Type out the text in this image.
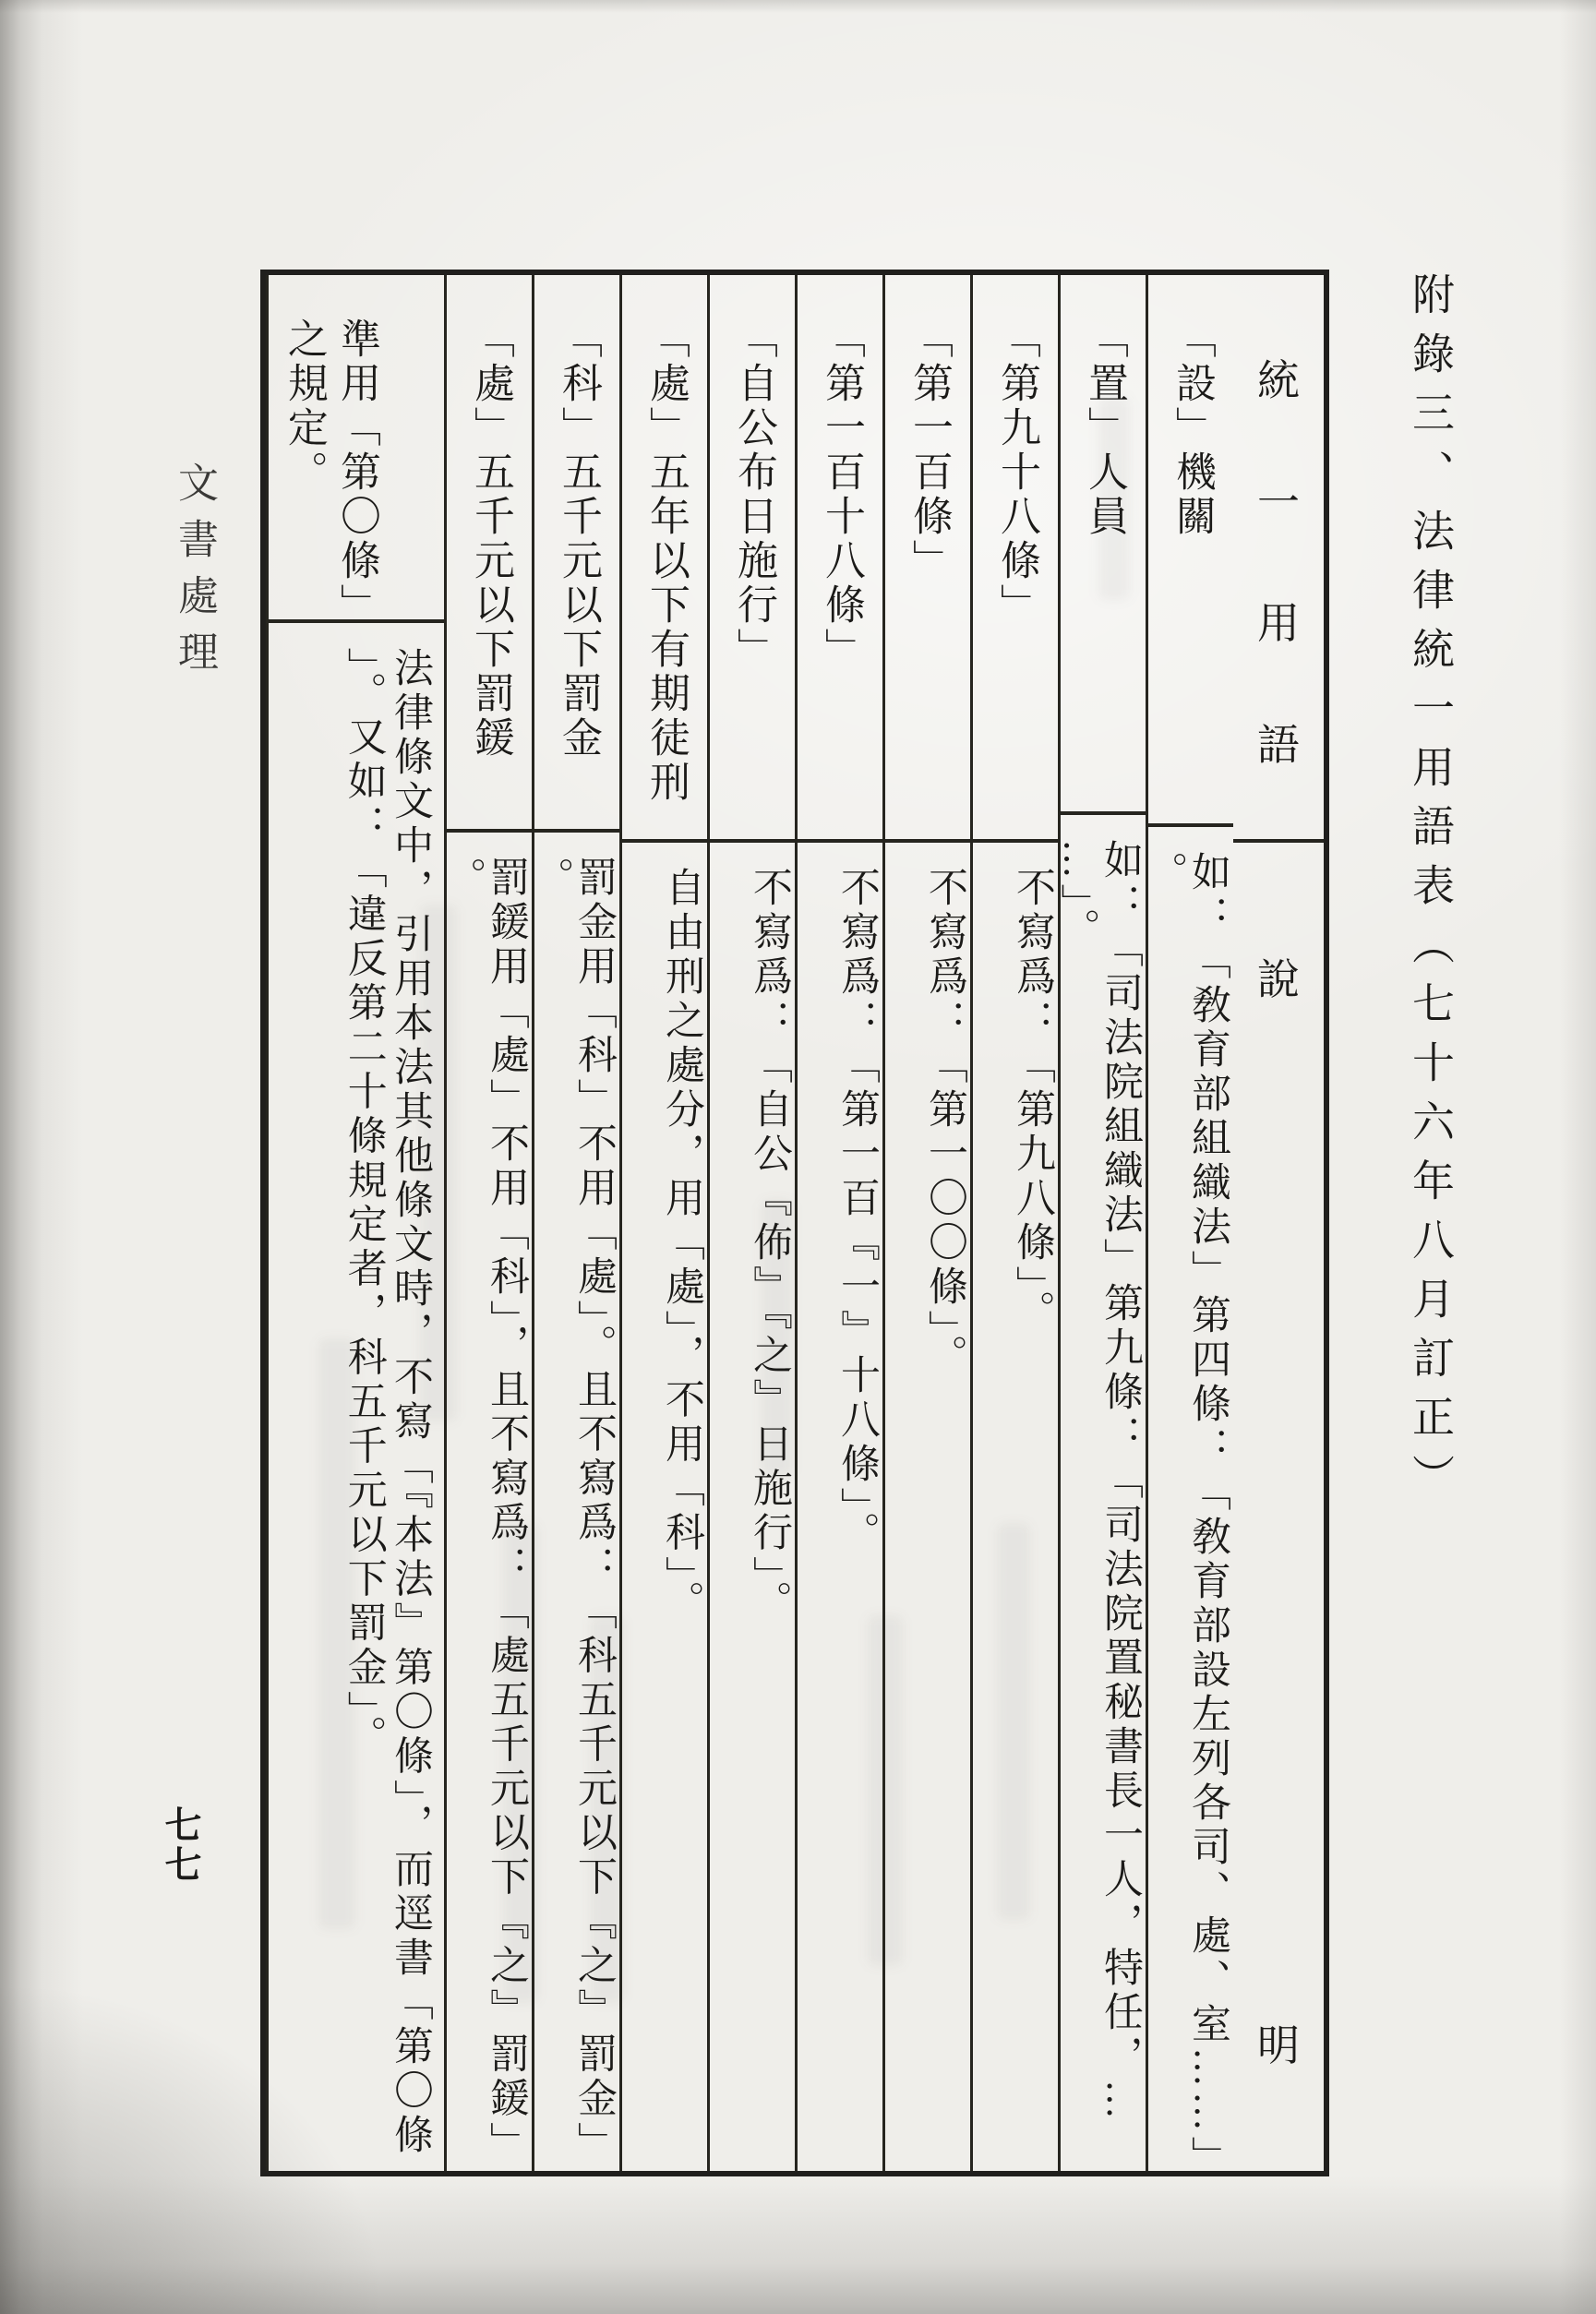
附錄三、法律統一用語表（七十六年八月訂正）
文書處理
七七
統
一
用
語
說
明
「設」機關
如：「敎育部組織法」第四條：「敎育部設左列各司、處、室……」。
「置」人員
如：「司法院組織法」第九條：「司法院置秘書長一人，特任，……」。
「第九十八條」
不寫爲：「第九八條」。
「第一百條」
不寫爲：「第一〇〇條」。
「第一百十八條」
不寫爲：「第一百『一』十八條」。
「自公布日施行」
不寫爲：「自公『佈』『之』日施行」。
「處」五年以下有期徒刑
自由刑之處分，用「處」，不用「科」。
「科」五千元以下罰金
罰金用「科」不用「處」。且不寫爲：「科五千元以下『之』罰金」。
「處」五千元以下罰鍰
罰鍰用「處」不用「科」，且不寫爲：「處五千元以下『之』罰鍰」。
準用「第〇條」之規定。
法律條文中，引用本法其他條文時，不寫「『本法』第〇條」，而逕書「第〇條」。又如：「違反第二十條規定者，科五千元以下罰金」。
